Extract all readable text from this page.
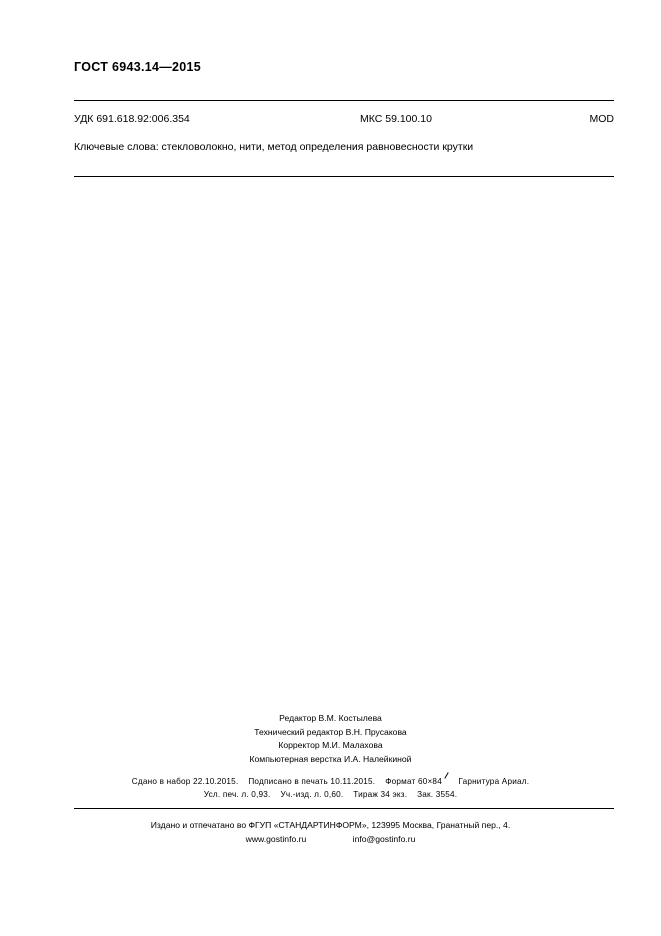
ГОСТ 6943.14—2015
УДК 691.618.92:006.354	МКС 59.100.10	MOD
Ключевые слова: стекловолокно, нити, метод определения равновесности крутки
Редактор В.М. Костылева
Технический редактор В.Н. Прусакова
Корректор М.И. Малахова
Компьютерная верстка И.А. Налейкиной
Сдано в набор 22.10.2015. Подписано в печать 10.11.2015. Формат 60×84 Гарнитура Ариал.
Усл. печ. л. 0,93. Уч.-изд. л. 0,60. Тираж 34 экз. Зак. 3554.
Издано и отпечатано во ФГУП «СТАНДАРТИНФОРМ», 123995 Москва, Гранатный пер., 4.
www.gostinfo.ru	info@gostinfo.ru
